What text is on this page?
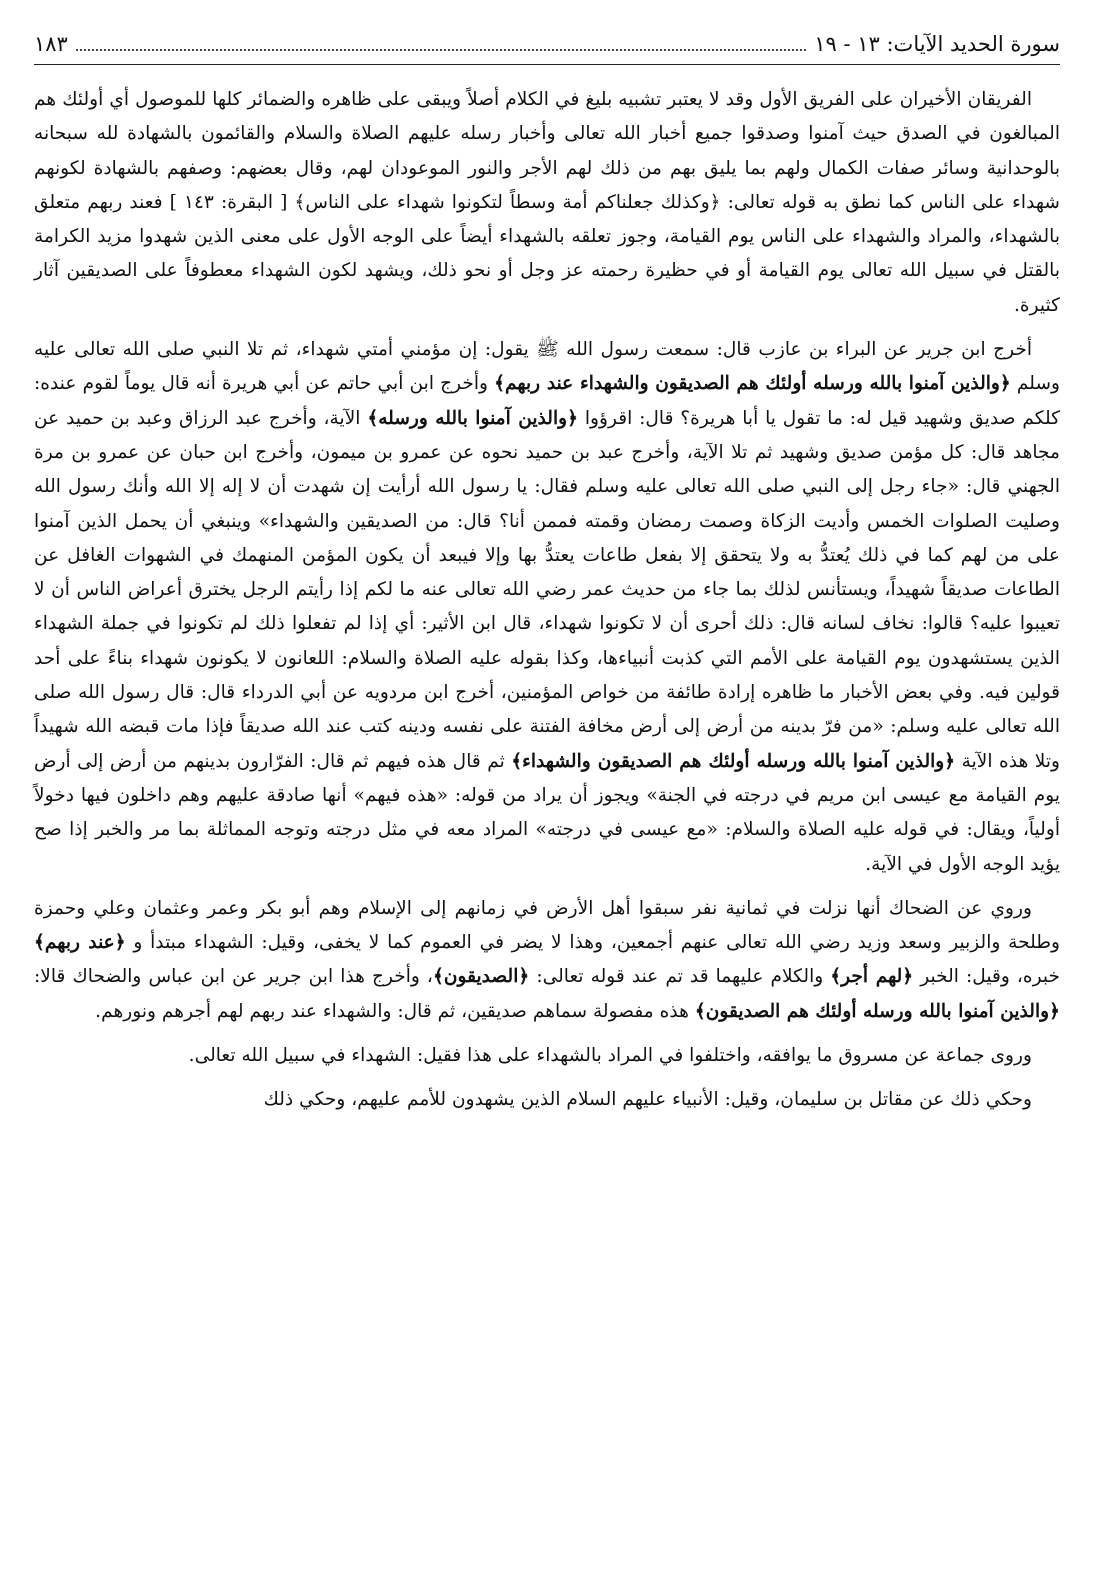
سورة الحديد الآيات: ١٣ - ١٩
١٨٣

الفريقان الأخيران على الفريق الأول وقد لا يعتبر تشبيه بليغ في الكلام أصلاً ويبقى على ظاهره والضمائر كلها للموصول أي أولئك هم المبالغون في الصدق حيث آمنوا وصدقوا جميع أخبار الله تعالى وأخبار رسله عليهم الصلاة والسلام والقائمون بالشهادة لله سبحانه بالوحدانية وسائر صفات الكمال ولهم بما يليق بهم من ذلك لهم الأجر والنور الموعودان لهم، وقال بعضهم: وصفهم بالشهادة لكونهم شهداء على الناس كما نطق به قوله تعالى: ﴿وكذلك جعلناكم أمة وسطاً لتكونوا شهداء على الناس﴾ [ البقرة: ١٤٣ ] فعند ربهم متعلق بالشهداء، والمراد والشهداء على الناس يوم القيامة، وجوز تعلقه بالشهداء أيضاً على الوجه الأول على معنى الذين شهدوا مزيد الكرامة بالقتل في سبيل الله تعالى يوم القيامة أو في حظيرة رحمته عز وجل أو نحو ذلك، ويشهد لكون الشهداء معطوفاً على الصديقين آثار كثيرة.

أخرج ابن جرير عن البراء بن عازب قال: سمعت رسول الله ﷺ يقول: إن مؤمني أمتي شهداء، ثم تلا النبي صلى الله تعالى عليه وسلم ﴿والذين آمنوا بالله ورسله أولئك هم الصديقون والشهداء عند ربهم﴾ وأخرج ابن أبي حاتم عن أبي هريرة أنه قال يوماً لقوم عنده: كلكم صديق وشهيد قيل له: ما تقول يا أبا هريرة؟ قال: اقرؤوا ﴿والذين آمنوا بالله ورسله﴾ الآية، وأخرج عبد الرزاق وعبد بن حميد عن مجاهد قال: كل مؤمن صديق وشهيد ثم تلا الآية، وأخرج عبد بن حميد نحوه عن عمرو بن ميمون، وأخرج ابن حبان عن عمرو بن مرة الجهني قال: «جاء رجل إلى النبي صلى الله تعالى عليه وسلم فقال: يا رسول الله أرأيت إن شهدت أن لا إله إلا الله وأنك رسول الله وصليت الصلوات الخمس وأديت الزكاة وصمت رمضان وقمته فممن أنا؟ قال: من الصديقين والشهداء» وينبغي أن يحمل الذين آمنوا على من لهم كما في ذلك يُعتدُّ به ولا يتحقق إلا بفعل طاعات يعتدُّ بها وإلا فيبعد أن يكون المؤمن المنهمك في الشهوات الغافل عن الطاعات صديقاً شهيداً، ويستأنس لذلك بما جاء من حديث عمر رضي الله تعالى عنه ما لكم إذا رأيتم الرجل يخترق أعراض الناس أن لا تعيبوا عليه؟ قالوا: نخاف لسانه قال: ذلك أحرى أن لا تكونوا شهداء، قال ابن الأثير: أي إذا لم تفعلوا ذلك لم تكونوا في جملة الشهداء الذين يستشهدون يوم القيامة على الأمم التي كذبت أنبياءها، وكذا بقوله عليه الصلاة والسلام: اللعانون لا يكونون شهداء بناءً على أحد قولين فيه. وفي بعض الأخبار ما ظاهره إرادة طائفة من خواص المؤمنين، أخرج ابن مردويه عن أبي الدرداء قال: قال رسول الله صلى الله تعالى عليه وسلم: «من فرّ بدينه من أرض إلى أرض مخافة الفتنة على نفسه ودينه كتب عند الله صديقاً فإذا مات قبضه الله شهيداً وتلا هذه الآية ﴿والذين آمنوا بالله ورسله أولئك هم الصديقون والشهداء﴾ ثم قال هذه فيهم ثم قال: الفرّارون بدينهم من أرض إلى أرض يوم القيامة مع عيسى ابن مريم في درجته في الجنة» ويجوز أن يراد من قوله: «هذه فيهم» أنها صادقة عليهم وهم داخلون فيها دخولاً أولياً، ويقال: في قوله عليه الصلاة والسلام: «مع عيسى في درجته» المراد معه في مثل درجته وتوجه المماثلة بما مر والخبر إذا صح يؤيد الوجه الأول في الآية.

وروي عن الضحاك أنها نزلت في ثمانية نفر سبقوا أهل الأرض في زمانهم إلى الإسلام وهم أبو بكر وعمر وعثمان وعلي وحمزة وطلحة والزبير وسعد وزيد رضي الله تعالى عنهم أجمعين، وهذا لا يضر في العموم كما لا يخفى، وقيل: الشهداء مبتدأ و ﴿عند ربهم﴾ خبره، وقيل: الخبر ﴿لهم أجر﴾ والكلام عليهما قد تم عند قوله تعالى: ﴿الصديقون﴾، وأخرج هذا ابن جرير عن ابن عباس والضحاك قالا: ﴿والذين آمنوا بالله ورسله أولئك هم الصديقون﴾ هذه مفصولة سماهم صديقين، ثم قال: والشهداء عند ربهم لهم أجرهم ونورهم.

وروى جماعة عن مسروق ما يوافقه، واختلفوا في المراد بالشهداء على هذا فقيل: الشهداء في سبيل الله تعالى.

وحكي ذلك عن مقاتل بن سليمان، وقيل: الأنبياء عليهم السلام الذين يشهدون للأمم عليهم، وحكي ذلك
